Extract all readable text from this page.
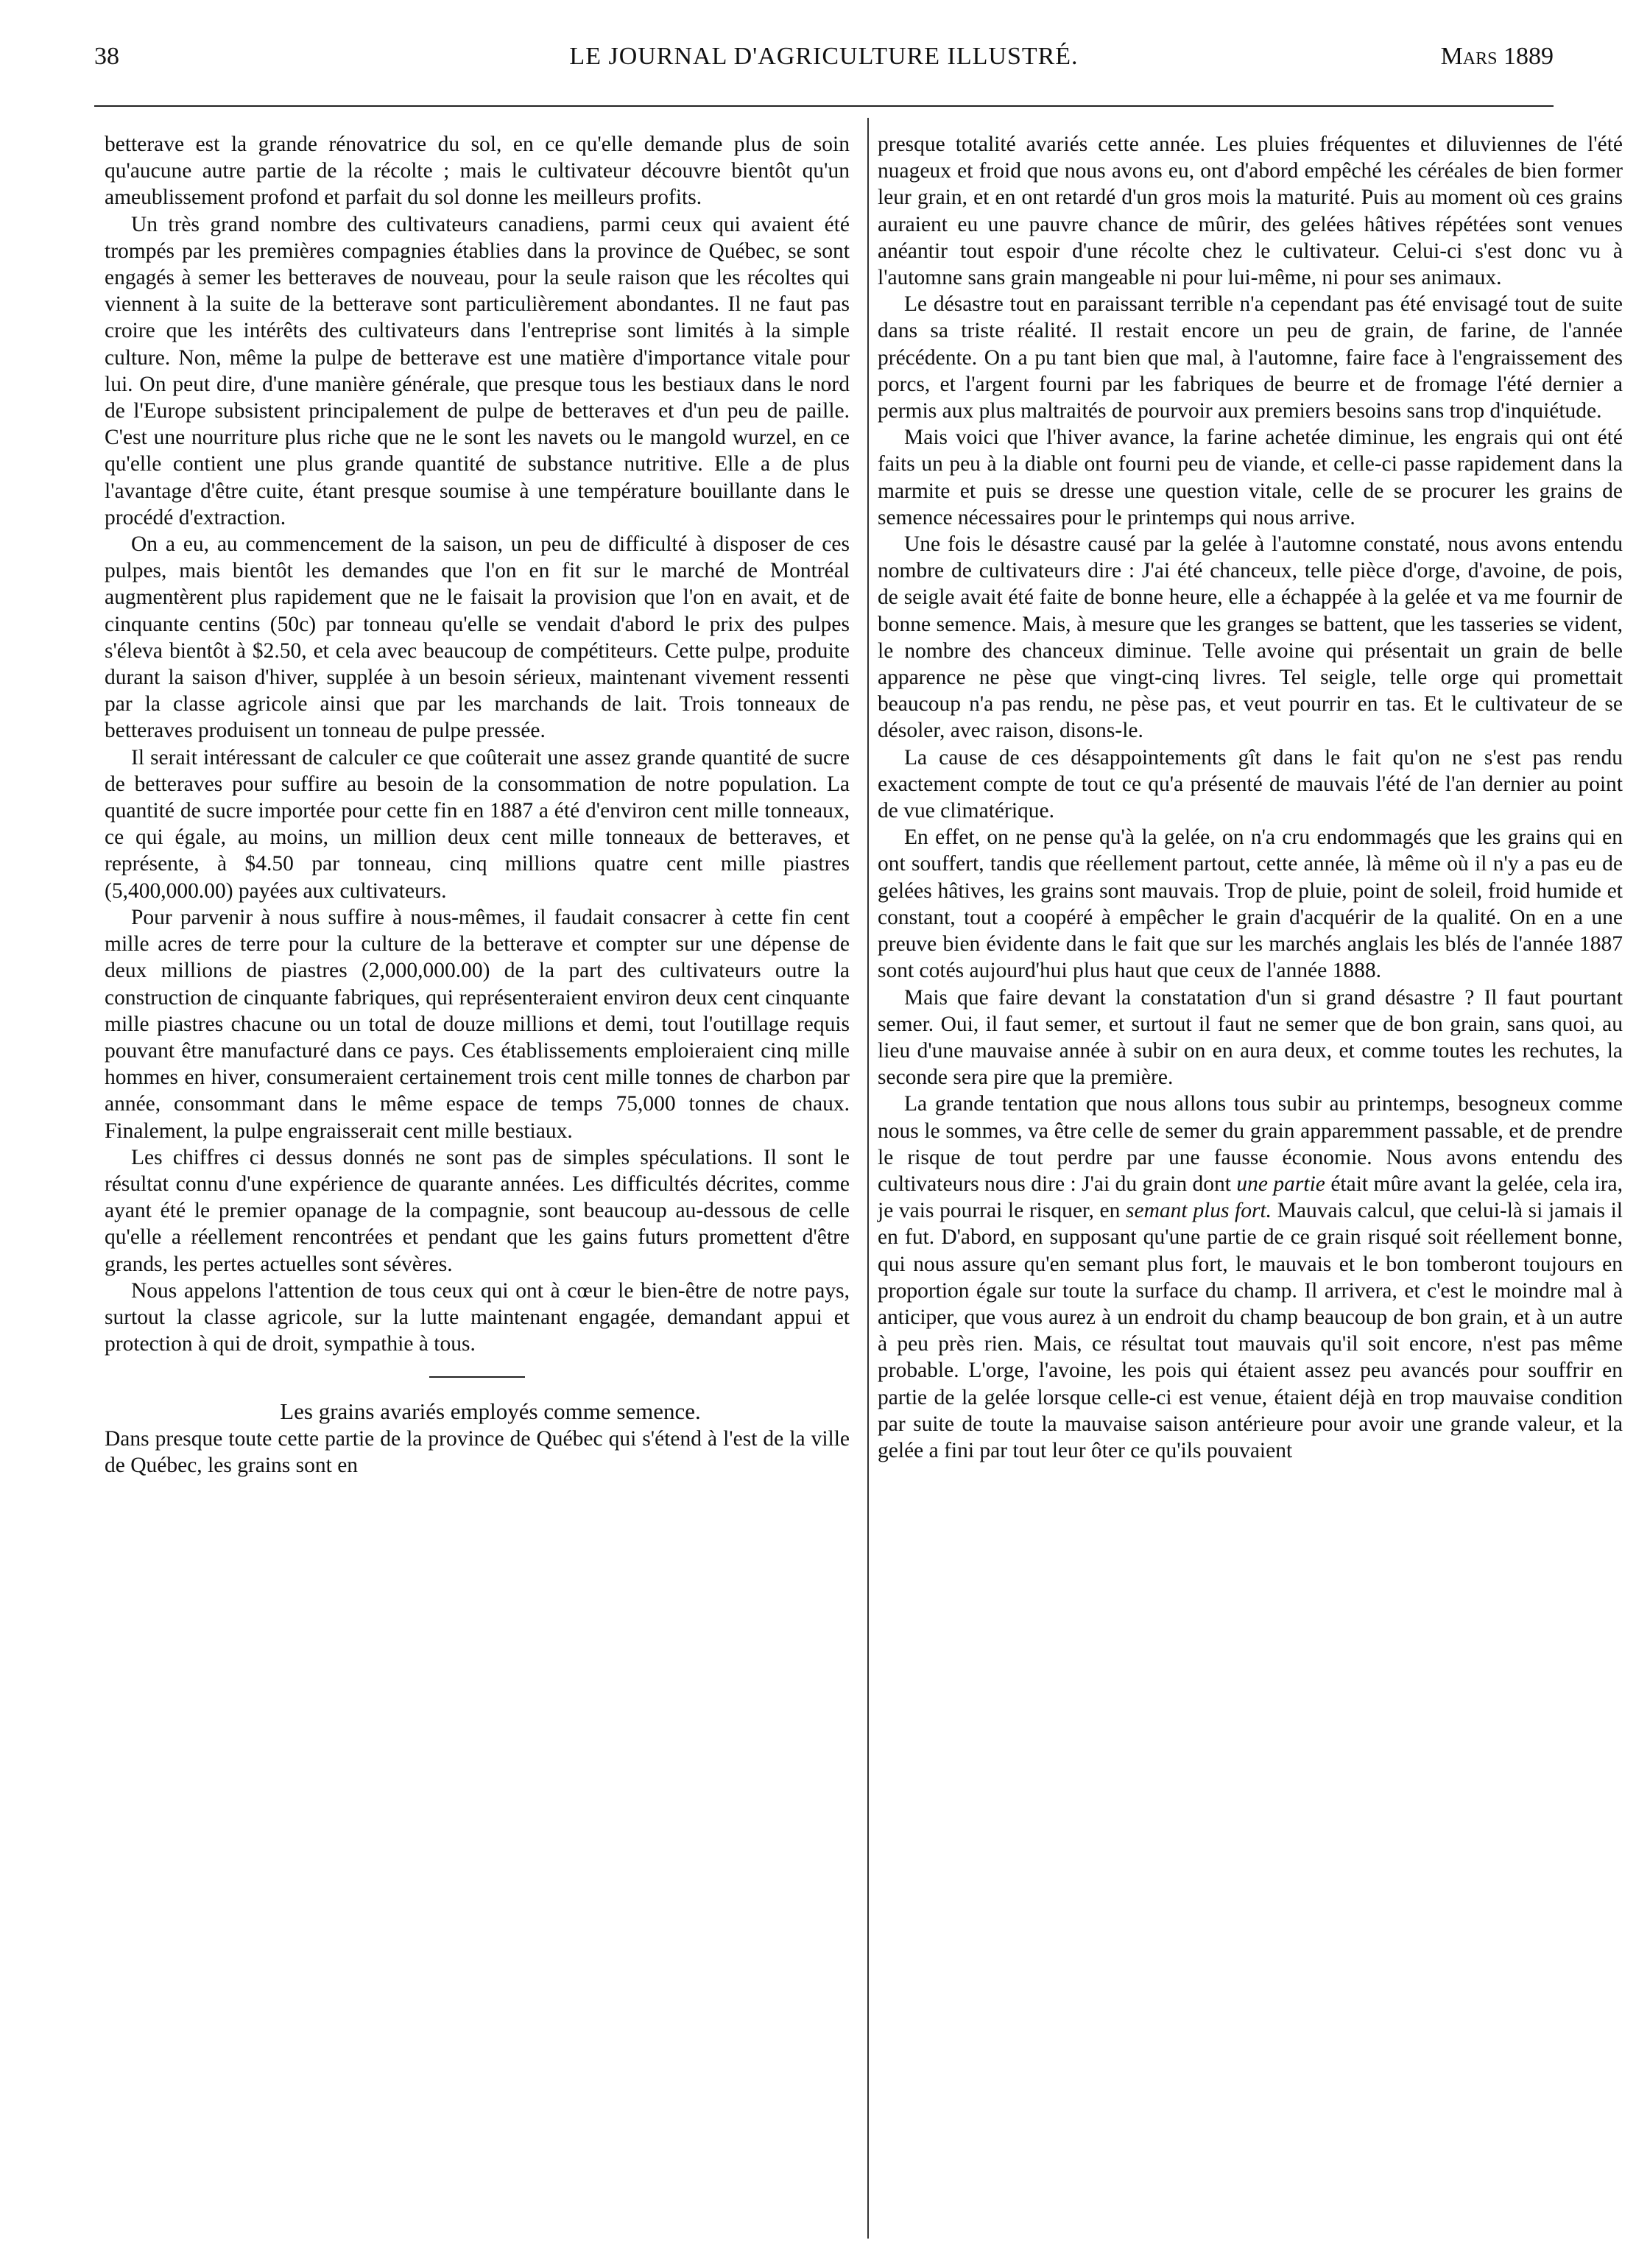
38	LE JOURNAL D'AGRICULTURE ILLUSTRÉ.	Mars 1889

betterave est la grande rénovatrice du sol, en ce qu'elle demande plus de soin qu'aucune autre partie de la récolte ; mais le cultivateur découvre bientôt qu'un ameublissement profond et parfait du sol donne les meilleurs profits.

Un très grand nombre des cultivateurs canadiens, parmi ceux qui avaient été trompés par les premières compagnies établies dans la province de Québec, se sont engagés à semer les betteraves de nouveau, pour la seule raison que les récoltes qui viennent à la suite de la betterave sont particulièrement abondantes. Il ne faut pas croire que les intérêts des cultivateurs dans l'entreprise sont limités à la simple culture. Non, même la pulpe de betterave est une matière d'importance vitale pour lui. On peut dire, d'une manière générale, que presque tous les bestiaux dans le nord de l'Europe subsistent principalement de pulpe de betteraves et d'un peu de paille. C'est une nourriture plus riche que ne le sont les navets ou le mangold wurzel, en ce qu'elle contient une plus grande quantité de substance nutritive. Elle a de plus l'avantage d'être cuite, étant presque soumise à une température bouillante dans le procédé d'extraction.

On a eu, au commencement de la saison, un peu de difficulté à disposer de ces pulpes, mais bientôt les demandes que l'on en fit sur le marché de Montréal augmentèrent plus rapidement que ne le faisait la provision que l'on en avait, et de cinquante centins (50c) par tonneau qu'elle se vendait d'abord le prix des pulpes s'éleva bientôt à $2.50, et cela avec beaucoup de compétiteurs. Cette pulpe, produite durant la saison d'hiver, supplée à un besoin sérieux, maintenant vivement ressenti par la classe agricole ainsi que par les marchands de lait. Trois tonneaux de betteraves produisent un tonneau de pulpe pressée.

Il serait intéressant de calculer ce que coûterait une assez grande quantité de sucre de betteraves pour suffire au besoin de la consommation de notre population. La quantité de sucre importée pour cette fin en 1887 a été d'environ cent mille tonneaux, ce qui égale, au moins, un million deux cent mille tonneaux de betteraves, et représente, à $4.50 par tonneau, cinq millions quatre cent mille piastres (5,400,000.00) payées aux cultivateurs.

Pour parvenir à nous suffire à nous-mêmes, il faudait consacrer à cette fin cent mille acres de terre pour la culture de la betterave et compter sur une dépense de deux millions de piastres (2,000,000.00) de la part des cultivateurs outre la construction de cinquante fabriques, qui représenteraient environ deux cent cinquante mille piastres chacune ou un total de douze millions et demi, tout l'outillage requis pouvant être manufacturé dans ce pays. Ces établissements emploieraient cinq mille hommes en hiver, consumeraient certainement trois cent mille tonnes de charbon par année, consommant dans le même espace de temps 75,000 tonnes de chaux. Finalement, la pulpe engraisserait cent mille bestiaux.

Les chiffres ci dessus donnés ne sont pas de simples spéculations. Il sont le résultat connu d'une expérience de quarante années. Les difficultés décrites, comme ayant été le premier opanage de la compagnie, sont beaucoup au-dessous de celle qu'elle a réellement rencontrées et pendant que les gains futurs promettent d'être grands, les pertes actuelles sont sévères.

Nous appelons l'attention de tous ceux qui ont à cœur le bien-être de notre pays, surtout la classe agricole, sur la lutte maintenant engagée, demandant appui et protection à qui de droit, sympathie à tous.

Les grains avariés employés comme semence.

Dans presque toute cette partie de la province de Québec qui s'étend à l'est de la ville de Québec, les grains sont en

presque totalité avariés cette année. Les pluies fréquentes et diluviennes de l'été nuageux et froid que nous avons eu, ont d'abord empêché les céréales de bien former leur grain, et en ont retardé d'un gros mois la maturité. Puis au moment où ces grains auraient eu une pauvre chance de mûrir, des gelées hâtives répétées sont venues anéantir tout espoir d'une récolte chez le cultivateur. Celui-ci s'est donc vu à l'automne sans grain mangeable ni pour lui-même, ni pour ses animaux.

Le désastre tout en paraissant terrible n'a cependant pas été envisagé tout de suite dans sa triste réalité. Il restait encore un peu de grain, de farine, de l'année précédente. On a pu tant bien que mal, à l'automne, faire face à l'engraissement des porcs, et l'argent fourni par les fabriques de beurre et de fromage l'été dernier a permis aux plus maltraités de pourvoir aux premiers besoins sans trop d'inquiétude.

Mais voici que l'hiver avance, la farine achetée diminue, les engrais qui ont été faits un peu à la diable ont fourni peu de viande, et celle-ci passe rapidement dans la marmite et puis se dresse une question vitale, celle de se procurer les grains de semence nécessaires pour le printemps qui nous arrive.

Une fois le désastre causé par la gelée à l'automne constaté, nous avons entendu nombre de cultivateurs dire : J'ai été chanceux, telle pièce d'orge, d'avoine, de pois, de seigle avait été faite de bonne heure, elle a échappée à la gelée et va me fournir de bonne semence. Mais, à mesure que les granges se battent, que les tasseries se vident, le nombre des chanceux diminue. Telle avoine qui présentait un grain de belle apparence ne pèse que vingt-cinq livres. Tel seigle, telle orge qui promettait beaucoup n'a pas rendu, ne pèse pas, et veut pourrir en tas. Et le cultivateur de se désoler, avec raison, disons-le.

La cause de ces désappointements gît dans le fait qu'on ne s'est pas rendu exactement compte de tout ce qu'a présenté de mauvais l'été de l'an dernier au point de vue climatérique.

En effet, on ne pense qu'à la gelée, on n'a cru endommagés que les grains qui en ont souffert, tandis que réellement partout, cette année, là même où il n'y a pas eu de gelées hâtives, les grains sont mauvais. Trop de pluie, point de soleil, froid humide et constant, tout a coopéré à empêcher le grain d'acquérir de la qualité. On en a une preuve bien évidente dans le fait que sur les marchés anglais les blés de l'année 1887 sont cotés aujourd'hui plus haut que ceux de l'année 1888.

Mais que faire devant la constatation d'un si grand désastre ? Il faut pourtant semer. Oui, il faut semer, et surtout il faut ne semer que de bon grain, sans quoi, au lieu d'une mauvaise année à subir on en aura deux, et comme toutes les rechutes, la seconde sera pire que la première.

La grande tentation que nous allons tous subir au printemps, besogneux comme nous le sommes, va être celle de semer du grain apparemment passable, et de prendre le risque de tout perdre par une fausse économie. Nous avons entendu des cultivateurs nous dire : J'ai du grain dont une partie était mûre avant la gelée, cela ira, je vais pourrai le risquer, en semant plus fort. Mauvais calcul, que celui-là si jamais il en fut. D'abord, en supposant qu'une partie de ce grain risqué soit réellement bonne, qui nous assure qu'en semant plus fort, le mauvais et le bon tomberont toujours en proportion égale sur toute la surface du champ. Il arrivera, et c'est le moindre mal à anticiper, que vous aurez à un endroit du champ beaucoup de bon grain, et à un autre à peu près rien. Mais, ce résultat tout mauvais qu'il soit encore, n'est pas même probable. L'orge, l'avoine, les pois qui étaient assez peu avancés pour souffrir en partie de la gelée lorsque celle-ci est venue, étaient déjà en trop mauvaise condition par suite de toute la mauvaise saison antérieure pour avoir une grande valeur, et la gelée a fini par tout leur ôter ce qu'ils pouvaient
